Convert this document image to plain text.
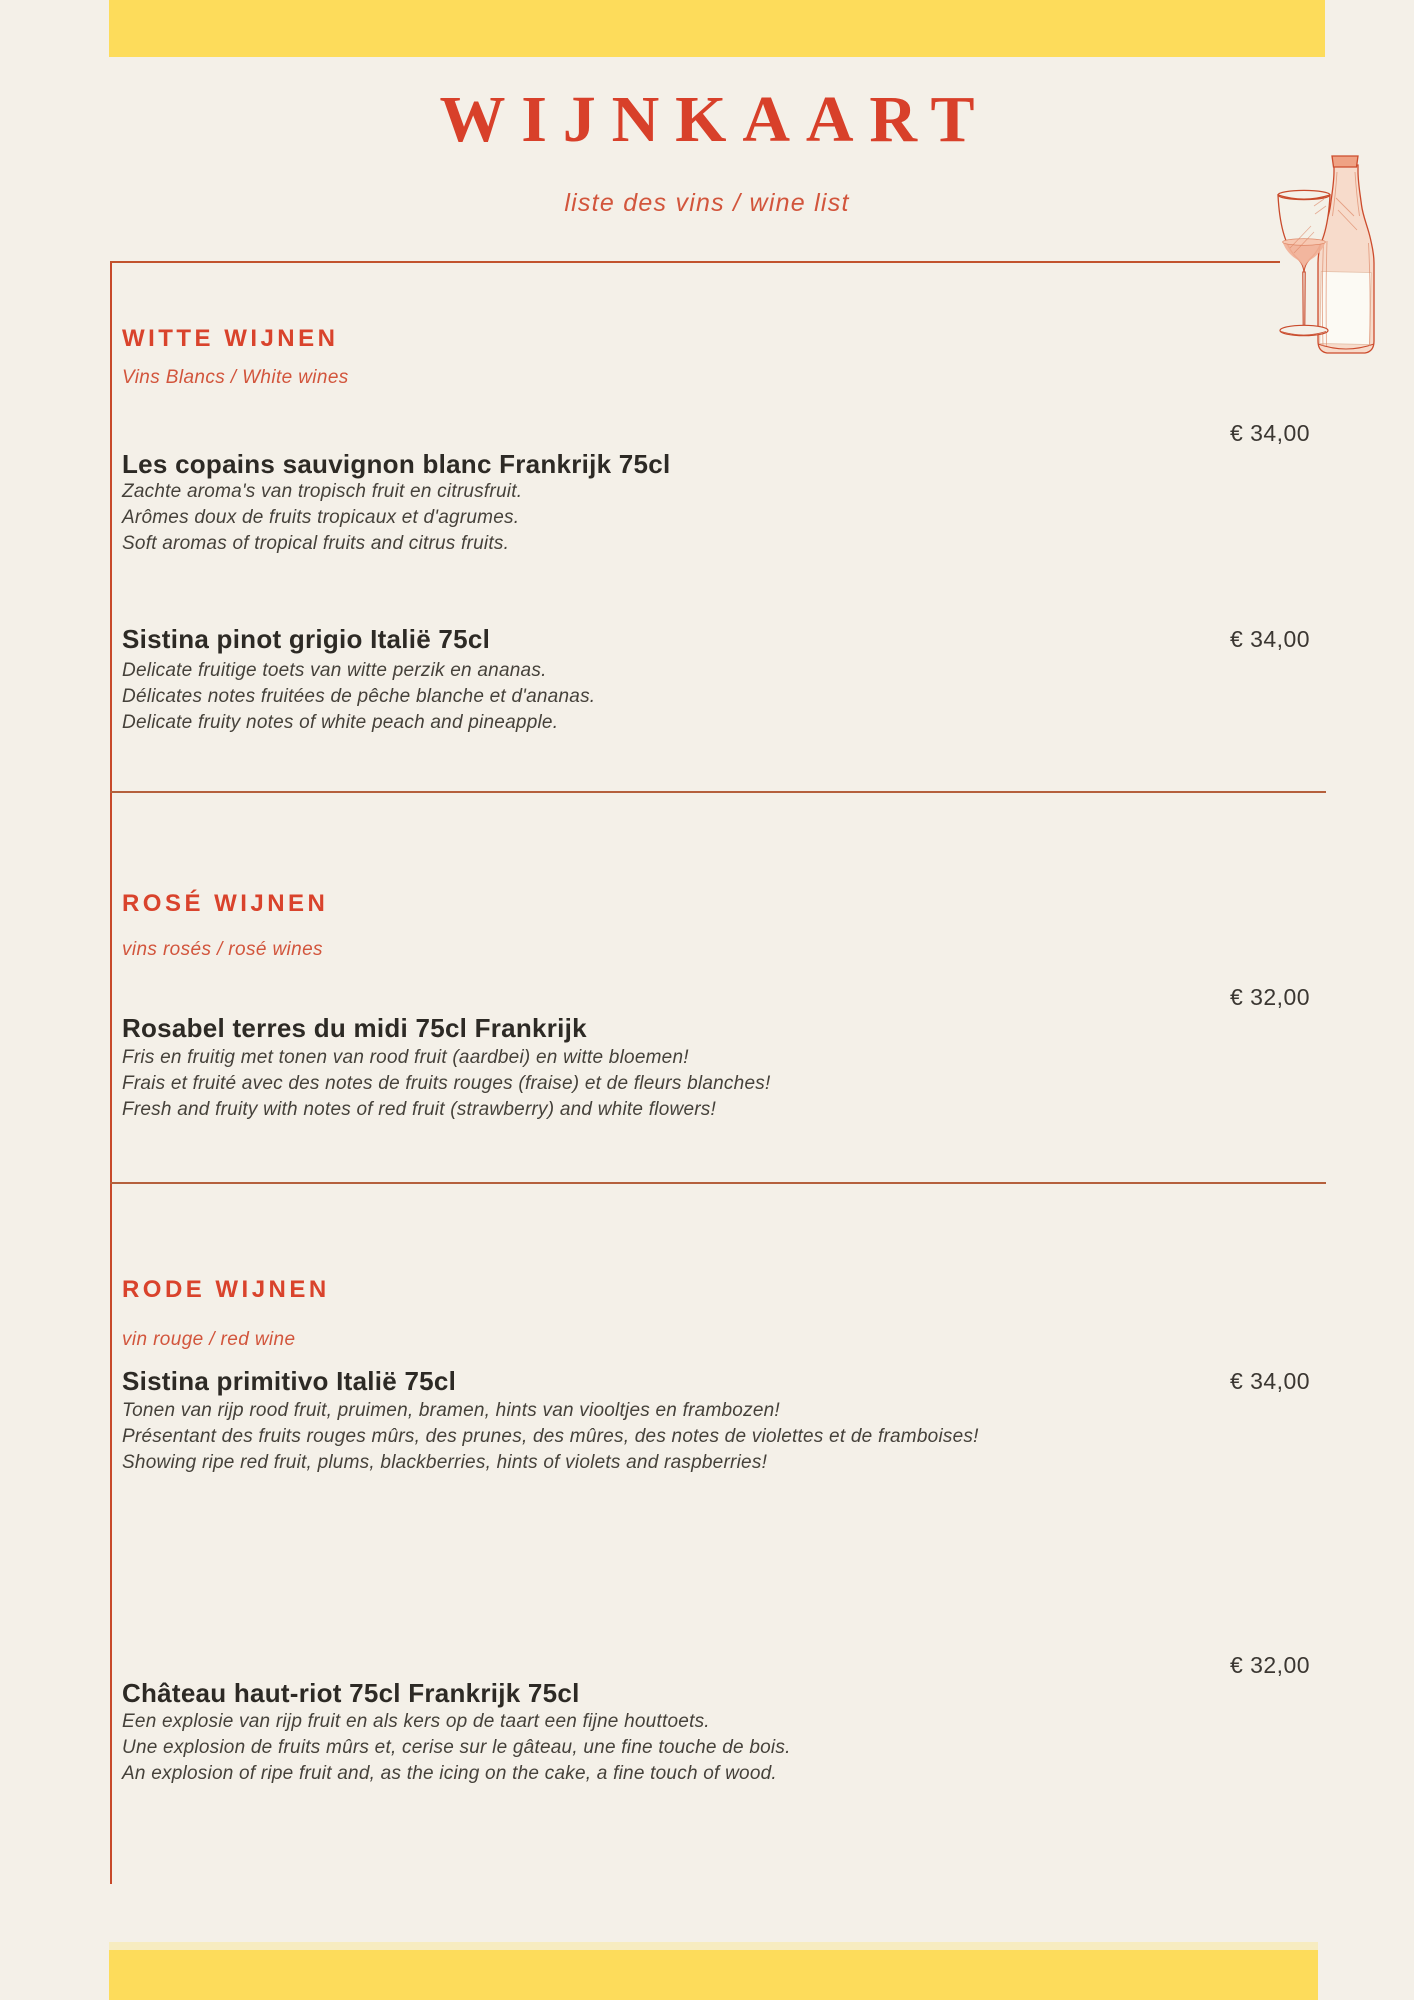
WIJNKAART
liste des vins / wine list
WITTE WIJNEN
Vins Blancs / White wines
€ 34,00
Les copains sauvignon blanc Frankrijk 75cl
Zachte aroma's van tropisch fruit en citrusfruit.
Arômes doux de fruits tropicaux et d'agrumes.
Soft aromas of tropical fruits and citrus fruits.
€ 34,00
Sistina pinot grigio Italië 75cl
Delicate fruitige toets van witte perzik en ananas.
Délicates notes fruitées de pêche blanche et d'ananas.
Delicate fruity notes of white peach and pineapple.
ROSÉ WIJNEN
vins rosés / rosé wines
€ 32,00
Rosabel terres du midi 75cl Frankrijk
Fris en fruitig met tonen van rood fruit (aardbei) en witte bloemen!
Frais et fruité avec des notes de fruits rouges (fraise) et de fleurs blanches!
Fresh and fruity with notes of red fruit (strawberry) and white flowers!
RODE WIJNEN
vin rouge / red wine
€ 34,00
Sistina primitivo Italië 75cl
Tonen van rijp rood fruit, pruimen, bramen, hints van viooltjes en frambozen!
Présentant des fruits rouges mûrs, des prunes, des mûres, des notes de violettes et de framboises!
Showing ripe red fruit, plums, blackberries, hints of violets and raspberries!
€ 32,00
Château haut-riot 75cl Frankrijk 75cl
Een explosie van rijp fruit en als kers op de taart een fijne houttoets.
Une explosion de fruits mûrs et, cerise sur le gâteau, une fine touche de bois.
An explosion of ripe fruit and, as the icing on the cake, a fine touch of wood.
